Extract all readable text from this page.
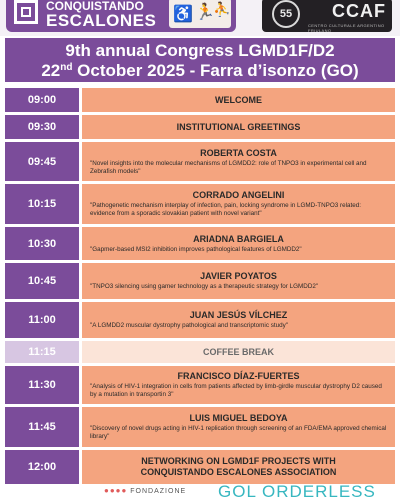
CONQUISTANDO
ESCALONES ♿ 🏃
⛹	55	CCAF
CENTRO CULTURALE ARGENTINO FRIULANO
9th annual Congress LGMD1F/D2
22nd October 2025 - Farra d’isonzo (GO)
09:00	WELCOME
09:30	INSTITUTIONAL GREETINGS
09:45
ROBERTA COSTA
"Novel insights into the molecular mechanisms of LGMDD2: role of TNPO3 in experimental cell and Zebrafish models"
10:15
CORRADO ANGELINI
"Pathogenetic mechanism interplay of infection, pain, locking syndrome in LGMD-TNPO3 related: evidence from a sporadic slovakian patient with novel variant"
10:30	ARIADNA BARGIELA
"Gapmer-based MSI2 inhibition improves pathological features of LGMDD2"
10:45	JAVIER POYATOS
"TNPO3 silencing using gamer technology as a therapeutic strategy for LGMDD2"
11:00	JUAN JESÚS VÍLCHEZ
"A LGMDD2 muscular dystrophy pathological and transcriptomic study"
11:15	COFFEE BREAK
11:30
FRANCISCO DÍAZ-FUERTES
"Analysis of HIV-1 integration in cells from patients affected by limb-girdle muscular dystrophy D2 caused by a mutation in transportin 3"
11:45
LUIS MIGUEL BEDOYA
"Discovery of novel drugs acting in HIV-1 replication through screening of an FDA/EMA approved chemical library"
12:00	NETWORKING ON LGMD1F PROJECTS WITH CONQUISTANDO ESCALONES ASSOCIATION
●●●● FONDAZIONE GOL ORDERLESS
